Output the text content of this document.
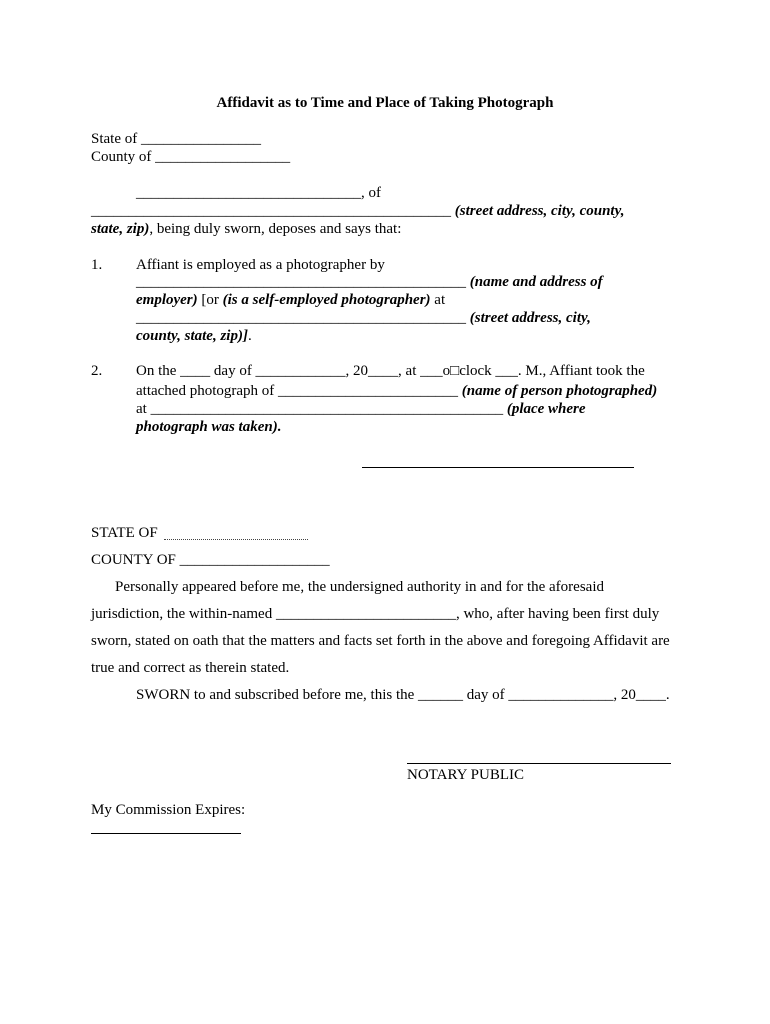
Affidavit as to Time and Place of Taking Photograph
State of ________________
County of __________________
______________________________, of
________________________________________________ (street address, city, county,
state, zip), being duly sworn, deposes and says that:
1. Affiant is employed as a photographer by
____________________________________________ (name and address of
employer) [or (is a self-employed photographer) at
____________________________________________ (street address, city,
county, state, zip)].
2. On the ____ day of ____________, 20____, at ___o□clock ___. M., Affiant took the
attached photograph of ________________________ (name of person photographed)
at _______________________________________________ (place where
photograph was taken).
STATE OF
COUNTY OF ____________________
Personally appeared before me, the undersigned authority in and for the aforesaid
jurisdiction, the within-named ________________________, who, after having been first duly
sworn, stated on oath that the matters and facts set forth in the above and foregoing Affidavit are
true and correct as therein stated.
SWORN to and subscribed before me, this the ______ day of ______________, 20____.
NOTARY PUBLIC
My Commission Expires:
